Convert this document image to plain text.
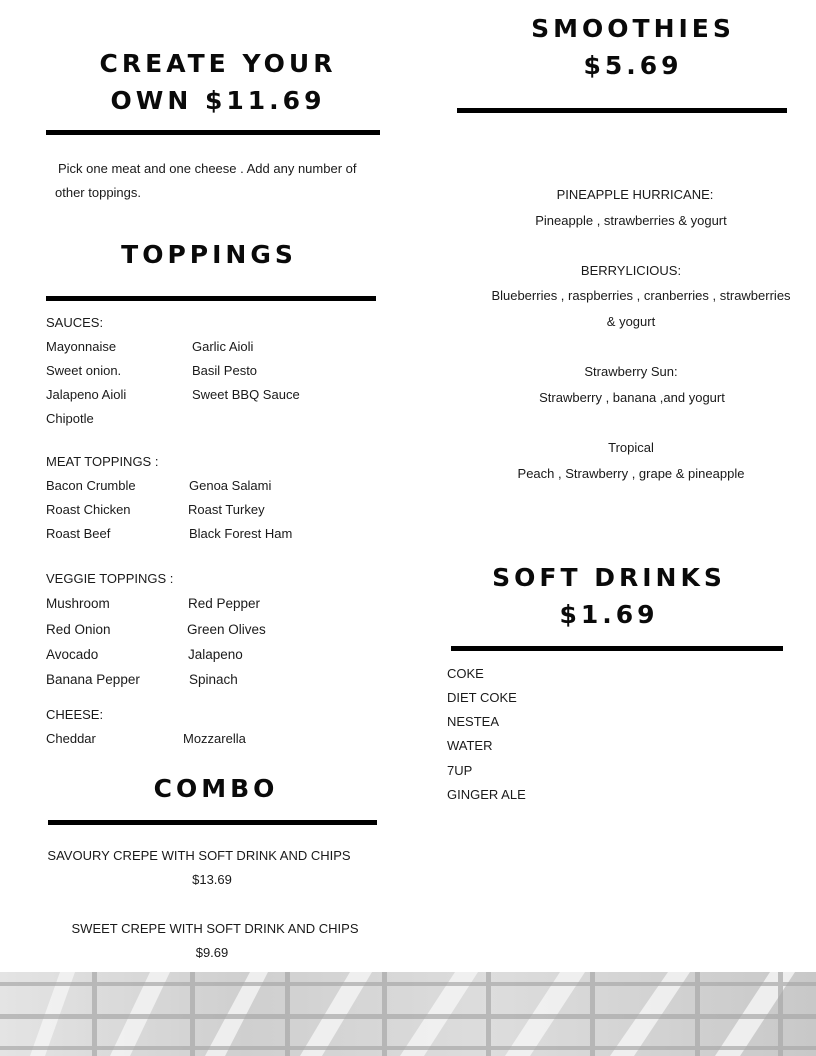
CREATE YOUR
OWN $11.69
Pick one meat and one cheese . Add any number of
other toppings.
TOPPINGS
SAUCES:
Mayonnaise
Sweet onion.
Jalapeno Aioli
Chipotle
Garlic Aioli
Basil Pesto
Sweet BBQ Sauce
MEAT TOPPINGS :
Bacon Crumble
Roast Chicken
Roast Beef
Genoa Salami
Roast Turkey
Black Forest Ham
VEGGIE TOPPINGS :
Mushroom
Red Onion
Avocado
Banana Pepper
Red Pepper
Green Olives
Jalapeno
Spinach
CHEESE:
Cheddar	Mozzarella
COMBO
SAVOURY CREPE WITH SOFT DRINK AND CHIPS
$13.69
SWEET CREPE WITH SOFT DRINK AND CHIPS
$9.69
SMOOTHIES
$5.69
PINEAPPLE HURRICANE:
Pineapple , strawberries & yogurt
BERRYLICIOUS:
Blueberries , raspberries , cranberries , strawberries
& yogurt
Strawberry Sun:
Strawberry , banana ,and yogurt
Tropical
Peach , Strawberry , grape & pineapple
SOFT DRINKS
$1.69
COKE
DIET COKE
NESTEA
WATER
7UP
GINGER ALE
